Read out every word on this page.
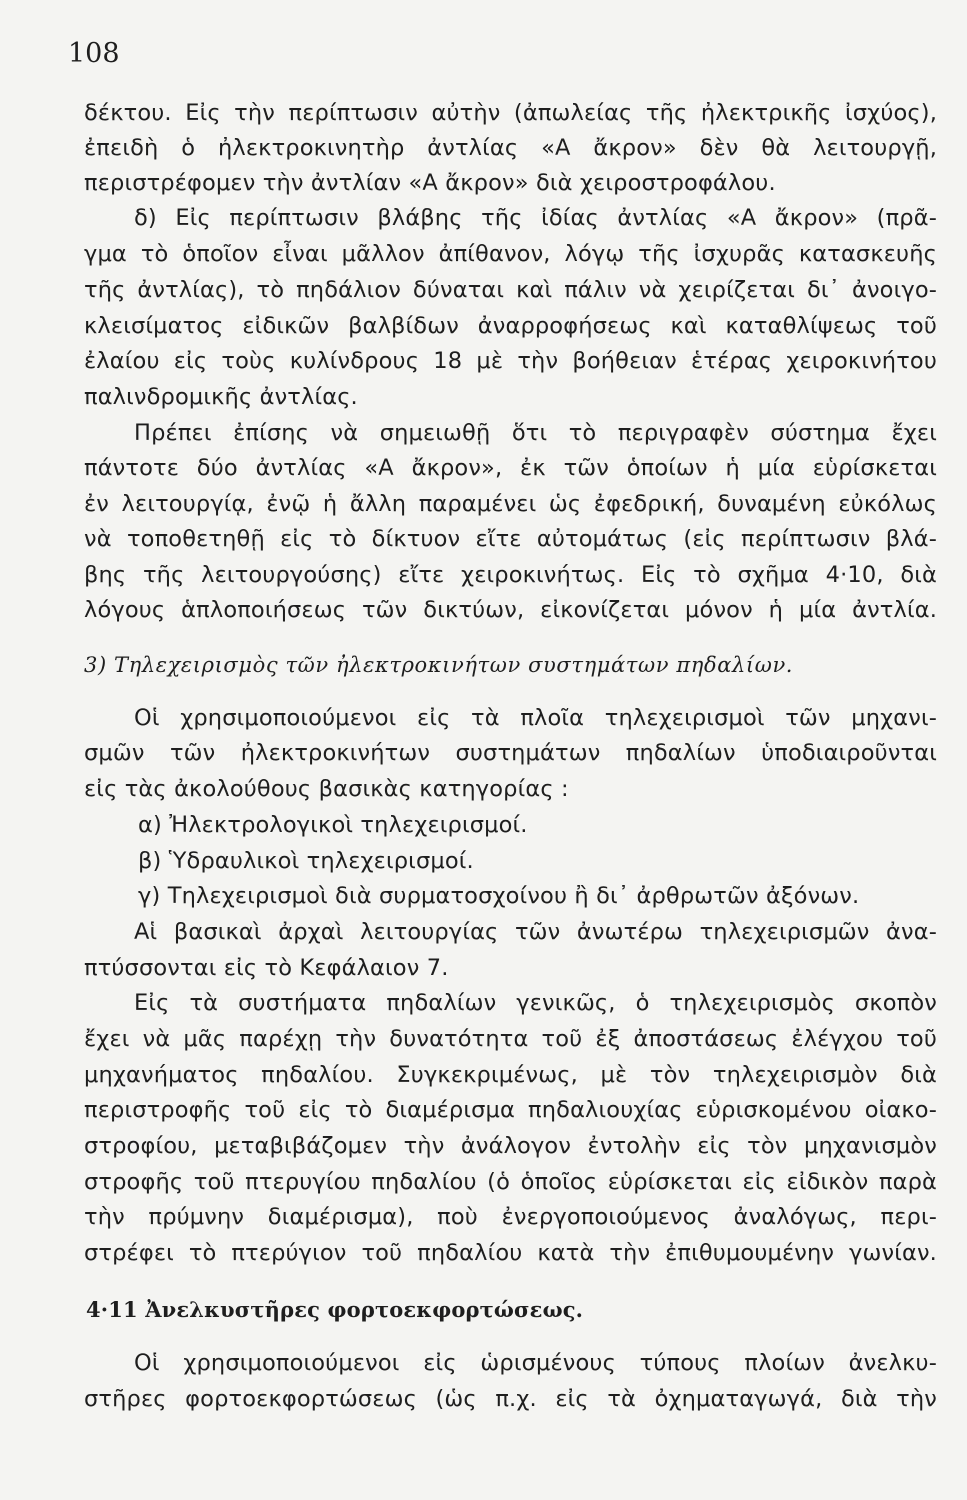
108
δέκτου. Εἰς τὴν περίπτωσιν αὐτὴν (ἀπωλείας τῆς ἠλεκτρικῆς ἰσχύος),
ἐπειδὴ ὁ ἠλεκτροκινητὴρ ἀντλίας «Α ἄκρον» δὲν θὰ λειτουργῇ,
περιστρέφομεν τὴν ἀντλίαν «Α ἄκρον» διὰ χειροστροφάλου.
δ) Εἰς περίπτωσιν βλάβης τῆς ἰδίας ἀντλίας «Α ἄκρον» (πρᾶ-
γμα τὸ ὁποῖον εἶναι μᾶλλον ἀπίθανον, λόγῳ τῆς ἰσχυρᾶς κατασκευῆς
τῆς ἀντλίας), τὸ πηδάλιον δύναται καὶ πάλιν νὰ χειρίζεται δι᾿ ἀνοιγο-
κλεισίματος εἰδικῶν βαλβίδων ἀναρροφήσεως καὶ καταθλίψεως τοῦ
ἐλαίου εἰς τοὺς κυλίνδρους 18 μὲ τὴν βοήθειαν ἑτέρας χειροκινήτου
παλινδρομικῆς ἀντλίας.
Πρέπει ἐπίσης νὰ σημειωθῇ ὅτι τὸ περιγραφὲν σύστημα ἔχει
πάντοτε δύο ἀντλίας «Α ἄκρον», ἐκ τῶν ὁποίων ἡ μία εὑρίσκεται
ἐν λειτουργίᾳ, ἐνῷ ἡ ἄλλη παραμένει ὡς ἐφεδρική, δυναμένη εὐκόλως
νὰ τοποθετηθῇ εἰς τὸ δίκτυον εἴτε αὐτομάτως (εἰς περίπτωσιν βλά-
βης τῆς λειτουργούσης) εἴτε χειροκινήτως. Εἰς τὸ σχῆμα 4·10, διὰ
λόγους ἁπλοποιήσεως τῶν δικτύων, εἰκονίζεται μόνον ἡ μία ἀντλία.
3) Τηλεχειρισμὸς τῶν ἠλεκτροκινήτων συστημάτων πηδαλίων.
Οἱ χρησιμοποιούμενοι εἰς τὰ πλοῖα τηλεχειρισμοὶ τῶν μηχανι-
σμῶν τῶν ἠλεκτροκινήτων συστημάτων πηδαλίων ὑποδιαιροῦνται
εἰς τὰς ἀκολούθους βασικὰς κατηγορίας :
α) Ἠλεκτρολογικοὶ τηλεχειρισμοί.
β) Ὑδραυλικοὶ τηλεχειρισμοί.
γ) Τηλεχειρισμοὶ διὰ συρματοσχοίνου ἢ δι᾿ ἀρθρωτῶν ἀξόνων.
Αἱ βασικαὶ ἀρχαὶ λειτουργίας τῶν ἀνωτέρω τηλεχειρισμῶν ἀνα-
πτύσσονται εἰς τὸ Κεφάλαιον 7.
Εἰς τὰ συστήματα πηδαλίων γενικῶς, ὁ τηλεχειρισμὸς σκοπὸν
ἔχει νὰ μᾶς παρέχῃ τὴν δυνατότητα τοῦ ἐξ ἀποστάσεως ἐλέγχου τοῦ
μηχανήματος πηδαλίου. Συγκεκριμένως, μὲ τὸν τηλεχειρισμὸν διὰ
περιστροφῆς τοῦ εἰς τὸ διαμέρισμα πηδαλιουχίας εὑρισκομένου οἰακο-
στροφίου, μεταβιβάζομεν τὴν ἀνάλογον ἐντολὴν εἰς τὸν μηχανισμὸν
στροφῆς τοῦ πτερυγίου πηδαλίου (ὁ ὁποῖος εὑρίσκεται εἰς εἰδικὸν παρὰ
τὴν πρύμνην διαμέρισμα), ποὺ ἐνεργοποιούμενος ἀναλόγως, περι-
στρέφει τὸ πτερύγιον τοῦ πηδαλίου κατὰ τὴν ἐπιθυμουμένην γωνίαν.
4·11 Ἀνελκυστῆρες φορτοεκφορτώσεως.
Οἱ χρησιμοποιούμενοι εἰς ὡρισμένους τύπους πλοίων ἀνελκυ-
στῆρες φορτοεκφορτώσεως (ὡς π.χ. εἰς τὰ ὀχηματαγωγά, διὰ τὴν
